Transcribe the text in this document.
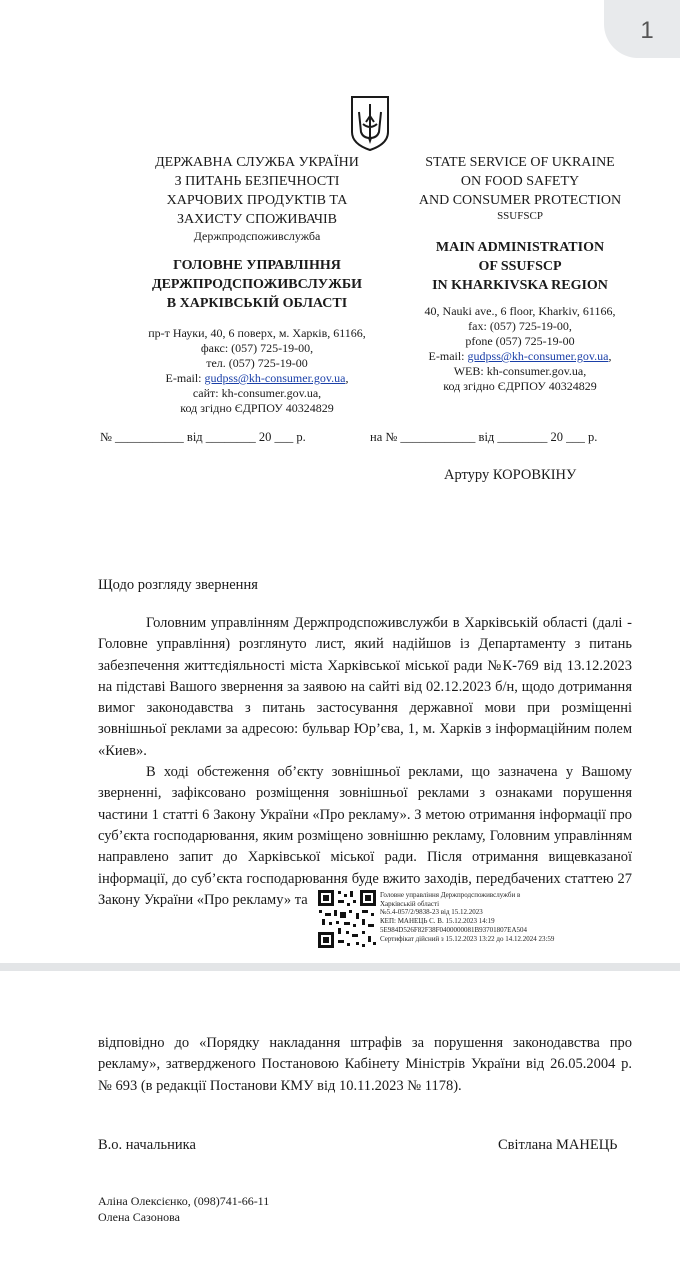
1
ДЕРЖАВНА СЛУЖБА УКРАЇНИ
З ПИТАНЬ БЕЗПЕЧНОСТІ
ХАРЧОВИХ ПРОДУКТІВ ТА
ЗАХИСТУ СПОЖИВАЧІВ
Держпродспоживслужба
ГОЛОВНЕ УПРАВЛІННЯ
ДЕРЖПРОДСПОЖИВСЛУЖБИ
В ХАРКІВСЬКІЙ ОБЛАСТІ
пр-т Науки, 40, 6 поверх, м. Харків, 61166,
факс: (057) 725-19-00,
тел. (057) 725-19-00
E-mail: gudpss@kh-consumer.gov.ua,
сайт: kh-consumer.gov.ua,
код згідно ЄДРПОУ 40324829
STATE SERVICE OF UKRAINE
ON FOOD SAFETY
AND CONSUMER PROTECTION
SSUFSCP
MAIN ADMINISTRATION
OF SSUFSCP
IN KHARKIVSKA REGION
40, Nauki ave., 6 floor, Kharkiv, 61166,
fax: (057) 725-19-00,
pfone (057) 725-19-00
E-mail: gudpss@kh-consumer.gov.ua,
WEB: kh-consumer.gov.ua,
код згідно ЄДРПОУ 40324829
№ ___________ від ________ 20 ___ р.	на № ____________ від ________ 20 ___ р.
Артуру КОРОВКІНУ
Щодо розгляду звернення

Головним управлінням Держпродспоживслужби в Харківській області (далі - Головне управління) розглянуто лист, який надійшов із Департаменту з питань забезпечення життєдіяльності міста Харківської міської ради №К-769 від 13.12.2023 на підставі Вашого звернення за заявою на сайті від 02.12.2023 б/н, щодо дотримання вимог законодавства з питань застосування державної мови при розміщенні зовнішньої реклами за адресою: бульвар Юр’єва, 1, м. Харків з інформаційним полем «Киев».

В ході обстеження об’єкту зовнішньої реклами, що зазначена у Вашому зверненні, зафіксовано розміщення зовнішньої реклами з ознаками порушення частини 1 статті 6 Закону України «Про рекламу». З метою отримання інформації про суб’єкта господарювання, яким розміщено зовнішню рекламу, Головним управлінням направлено запит до Харківської міської ради. Після отримання вищевказаної інформації, до суб’єкта господарювання буде вжито заходів, передбачених статтею 27 Закону України «Про рекламу» та	Головне управління Держпродспоживслужби в
Харківській області
№5.4-057/2/9838-23 від 15.12.2023
КЕП: МАНЕЦЬ С. В. 15.12.2023 14:19
5E984D526F82F38F0400000081B93701807EA504
Сертифікат дійсний з 15.12.2023 13:22 до 14.12.2024 23:59

відповідно до «Порядку накладання штрафів за порушення законодавства про рекламу», затвердженого Постановою Кабінету Міністрів України від 26.05.2004 р. № 693 (в редакції Постанови КМУ від 10.11.2023 № 1178).

В.о. начальника	Світлана МАНЕЦЬ
Аліна Олексієнко, (098)741-66-11
Олена Сазонова
